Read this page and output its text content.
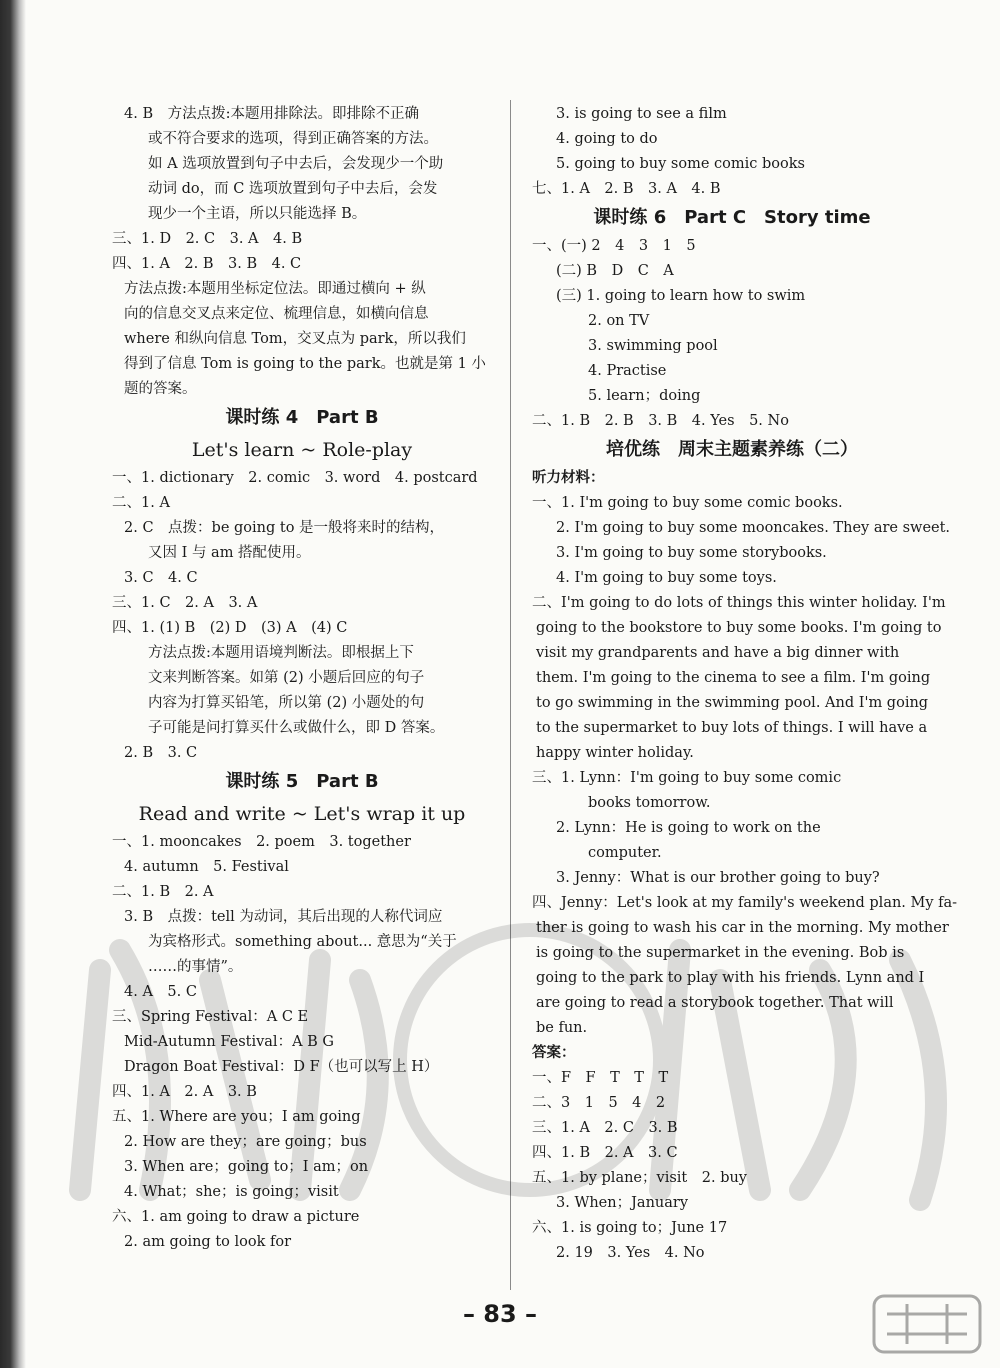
4. B　方法点拨:本题用排除法。即排除不正确
或不符合要求的选项，得到正确答案的方法。
如 A 选项放置到句子中去后，会发现少一个助
动词 do，而 C 选项放置到句子中去后，会发
现少一个主语，所以只能选择 B。
三、1. D　2. C　3. A　4. B
四、1. A　2. B　3. B　4. C
方法点拨:本题用坐标定位法。即通过横向 + 纵
向的信息交叉点来定位、梳理信息，如横向信息
where 和纵向信息 Tom，交叉点为 park，所以我们
得到了信息 Tom is going to the park。也就是第 1 小
题的答案。
课时练 4　Part B
Let's learn ~ Role-play
一、1. dictionary　2. comic　3. word　4. postcard
二、1. A
2. C　点拨：be going to 是一般将来时的结构，
又因 I 与 am 搭配使用。
3. C　4. C
三、1. C　2. A　3. A
四、1. (1) B　(2) D　(3) A　(4) C
方法点拨:本题用语境判断法。即根据上下
文来判断答案。如第 (2) 小题后回应的句子
内容为打算买铅笔，所以第 (2) 小题处的句
子可能是问打算买什么或做什么，即 D 答案。
2. B　3. C
课时练 5　Part B
Read and write ~ Let's wrap it up
一、1. mooncakes　2. poem　3. together
4. autumn　5. Festival
二、1. B　2. A
3. B　点拨：tell 为动词，其后出现的人称代词应
为宾格形式。something about... 意思为“关于
……的事情”。
4. A　5. C
三、Spring Festival：A C E
Mid-Autumn Festival：A B G
Dragon Boat Festival：D F（也可以写上 H）
四、1. A　2. A　3. B
五、1. Where are you；I am going
2. How are they；are going；bus
3. When are；going to；I am；on
4. What；she；is going；visit
六、1. am going to draw a picture
2. am going to look for
3. is going to see a film
4. going to do
5. going to buy some comic books
七、1. A　2. B　3. A　4. B
课时练 6　Part C　Story time
一、(一) 2　4　3　1　5
(二) B　D　C　A
(三) 1. going to learn how to swim
2. on TV
3. swimming pool
4. Practise
5. learn；doing
二、1. B　2. B　3. B　4. Yes　5. No
培优练　周末主题素养练（二）
听力材料：
一、1. I'm going to buy some comic books.
2. I'm going to buy some mooncakes. They are sweet.
3. I'm going to buy some storybooks.
4. I'm going to buy some toys.
二、I'm going to do lots of things this winter holiday. I'm
going to the bookstore to buy some books. I'm going to
visit my grandparents and have a big dinner with
them. I'm going to the cinema to see a film. I'm going
to go swimming in the swimming pool. And I'm going
to the supermarket to buy lots of things. I will have a
happy winter holiday.
三、1. Lynn：I'm going to buy some comic
books tomorrow.
2. Lynn：He is going to work on the
computer.
3. Jenny：What is our brother going to buy?
四、Jenny：Let's look at my family's weekend plan. My fa-
ther is going to wash his car in the morning. My mother
is going to the supermarket in the evening. Bob is
going to the park to play with his friends. Lynn and I
are going to read a storybook together. That will
be fun.
答案：
一、F　F　T　T　T
二、3　1　5　4　2
三、1. A　2. C　3. B
四、1. B　2. A　3. C
五、1. by plane；visit　2. buy
3. When；January
六、1. is going to；June 17
2. 19　3. Yes　4. No
– 83 –
